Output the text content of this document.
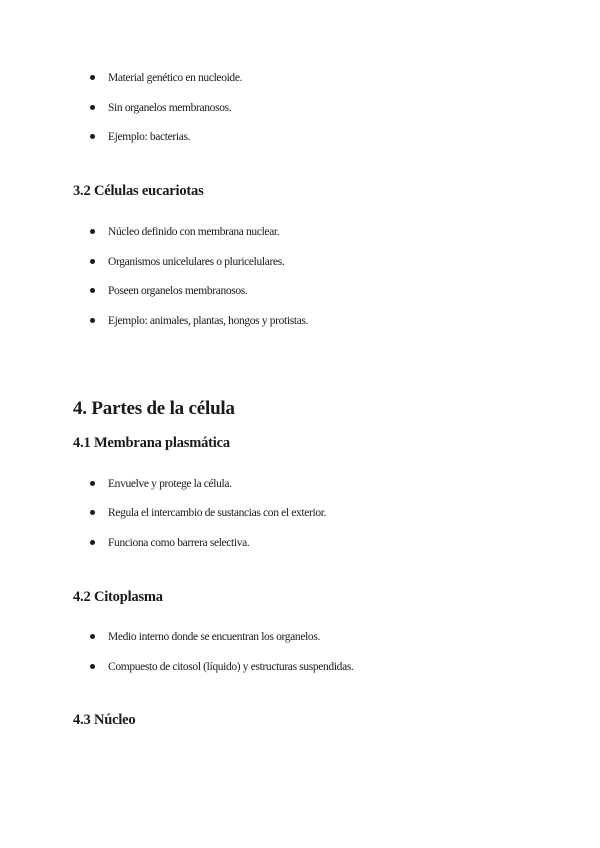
Material genético en nucleoide.
Sin organelos membranosos.
Ejemplo: bacterias.
3.2 Células eucariotas
Núcleo definido con membrana nuclear.
Organismos unicelulares o pluricelulares.
Poseen organelos membranosos.
Ejemplo: animales, plantas, hongos y protistas.
4. Partes de la célula
4.1 Membrana plasmática
Envuelve y protege la célula.
Regula el intercambio de sustancias con el exterior.
Funciona como barrera selectiva.
4.2 Citoplasma
Medio interno donde se encuentran los organelos.
Compuesto de citosol (líquido) y estructuras suspendidas.
4.3 Núcleo
